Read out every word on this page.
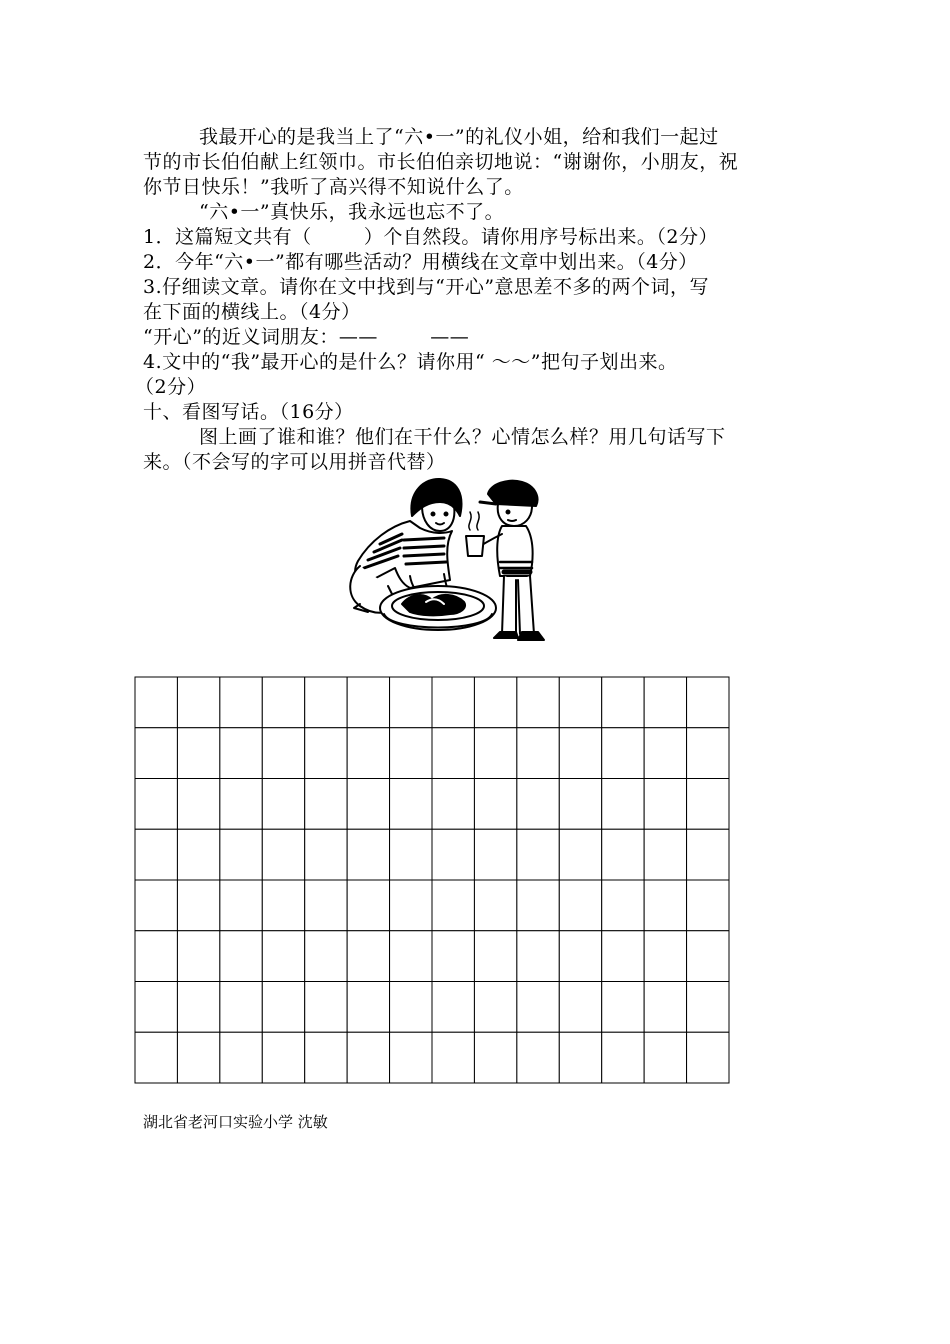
我最开心的是我当上了“六•一”的礼仪小姐，给和我们一起过
节的市长伯伯献上红领巾。市长伯伯亲切地说：“谢谢你，小朋友，祝
你节日快乐！”我听了高兴得不知说什么了。
“六•一”真快乐，我永远也忘不了。
1．这篇短文共有（        ）个自然段。请你用序号标出来。（2分）
2．今年“六•一”都有哪些活动？用横线在文章中划出来。（4分）
3.仔细读文章。请你在文中找到与“开心”意思差不多的两个词，写
在下面的横线上。（4分）
“开心”的近义词朋友：——        ——
4.文中的“我”最开心的是什么？请你用“ ～～”把句子划出来。
（2分）
十、看图写话。（16分）
图上画了谁和谁？他们在干什么？心情怎么样？用几句话写下
来。（不会写的字可以用拼音代替）
湖北省老河口实验小学 沈敏
